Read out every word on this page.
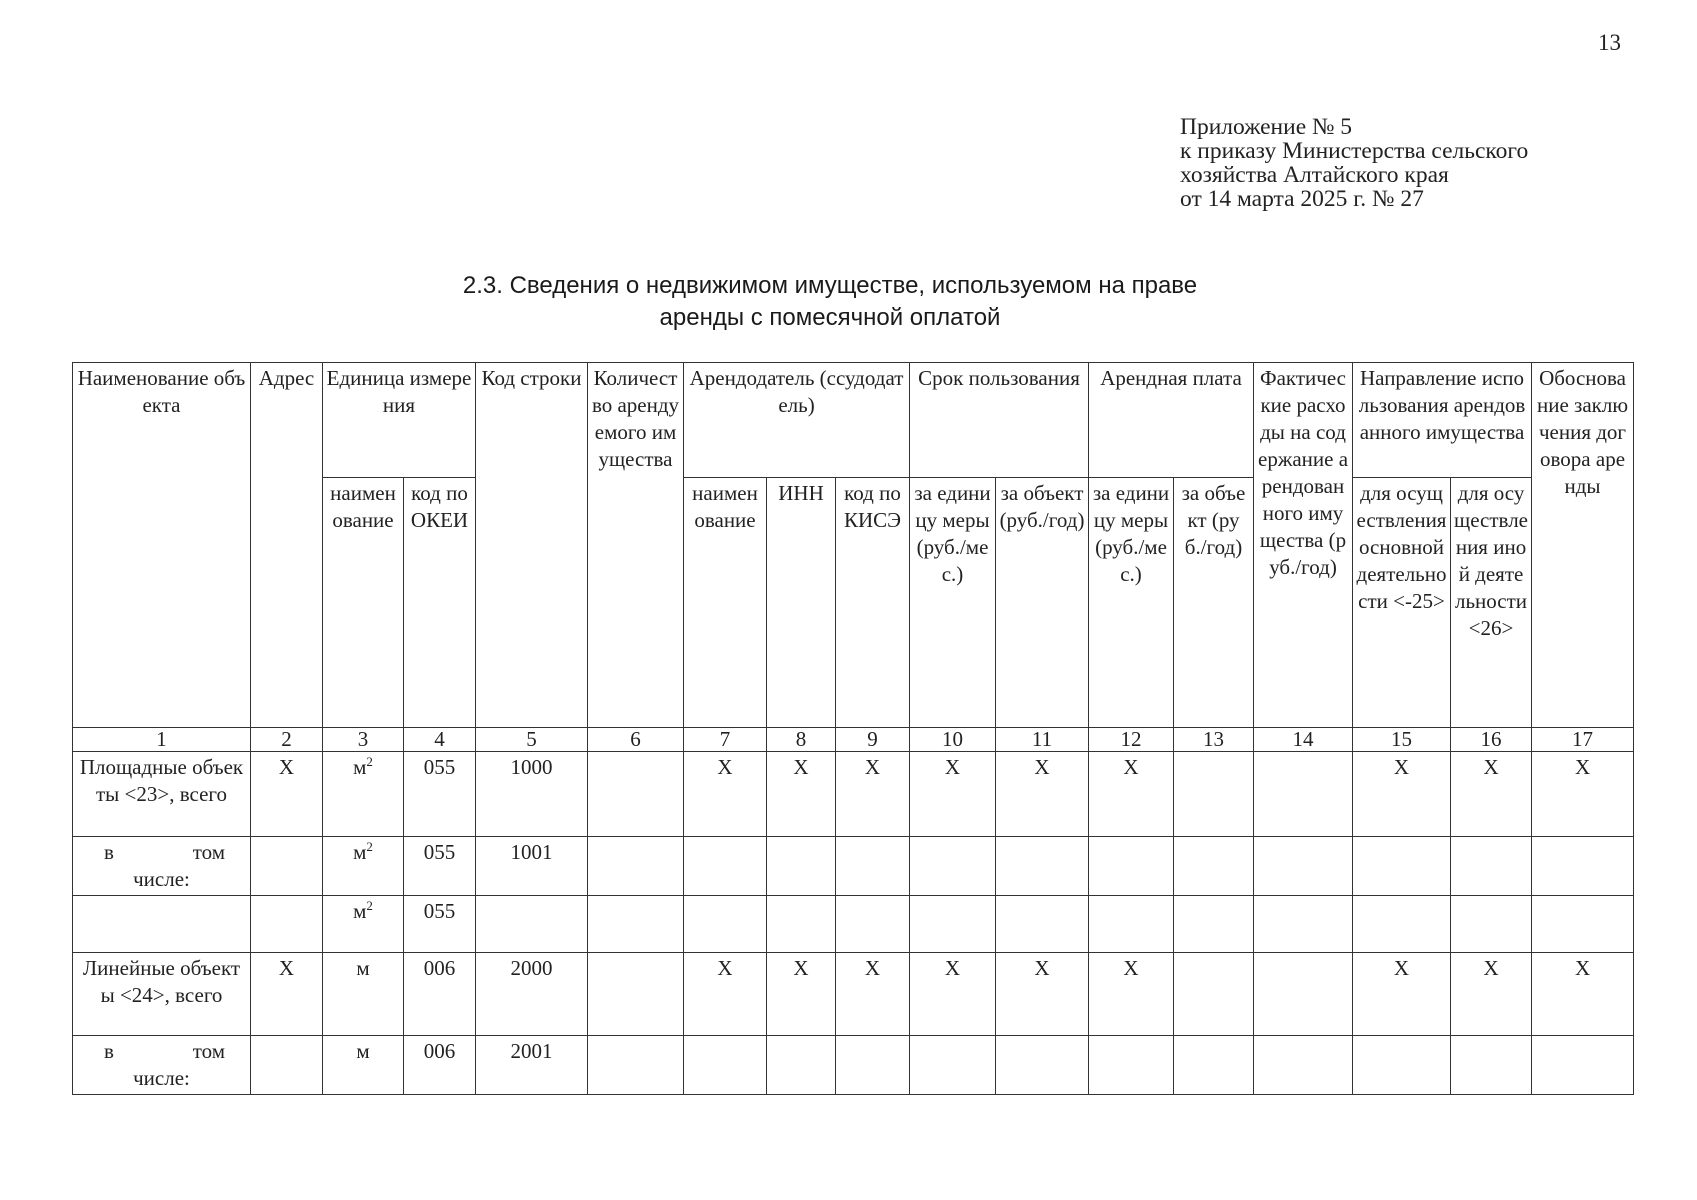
13
Приложение № 5
к приказу Министерства сельского
хозяйства Алтайского края
от 14 марта 2025 г. № 27
2.3. Сведения о недвижимом имуществе, используемом на праве
аренды с помесячной оплатой
Наименование объекта	Адрес	Единица измерения		Код строки	Количество арендуемого имущества	Арендодатель (ссудодатель)			Срок пользования		Арендная плата		Фактические расходы на содержание арендованного имущества (руб./год)	Направление использования арендованного имущества		Обоснование заключения договора аренды
		наименование	код по ОКЕИ			наименование	ИНН	код по КИСЭ	за единицу меры (руб./мес.)	за объект (руб./год)	за единицу меры (руб./мес.)	за объект (руб./год)		для осуществления основной деятельности <-25>	для осуществления иной деятельности <26>	
1	2	3	4	5	6	7	8	9	10	11	12	13	14	15	16	17
Площадные объекты <23>, всего	X	$м^2$	055	1000		X	X	X	X	X	X			X	X	X

в том
числе:		$м^2$	055	1001												
		$м^2$	055													
Линейные объекты <24>, всего	X	м	006	2000		X	X	X	X	X	X			X	X	X

в том
числе:		м	006	2001												
